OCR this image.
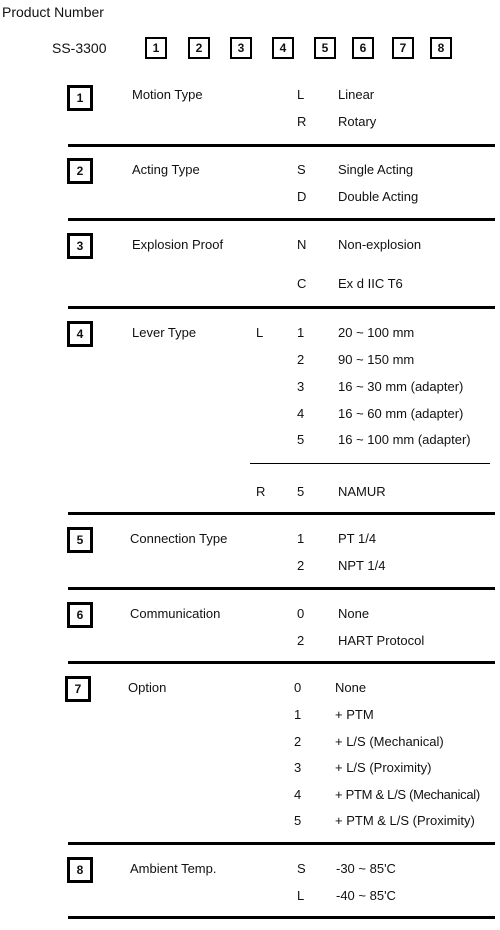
Product Number
SS-3300	1	2	3	4	5	6	7	8
1	Motion Type	L	Linear
R Rotary
2	Acting Type	S Single Acting
D Double Acting
3	Explosion Proof	N Non-explosion
C Ex d IIC T6
4	Lever Type	L	1	20 ~ 100 mm
2	90 ~ 150 mm
3	16 ~ 30 mm (adapter)
4	16 ~ 60 mm (adapter)
5	16 ~ 100 mm (adapter)
R 5	NAMUR
5	Connection Type	1	PT 1/4
2	NPT 1/4
6	Communication	0	None
2	HART Protocol
7	Option	0	None
1	+ PTM
2	+ L/S (Mechanical)
3	+ L/S (Proximity)
4	+ PTM & L/S (Mechanical)
5	+ PTM & L/S (Proximity)
8	Ambient Temp.	S -30 ~ 85'C
L -40 ~ 85'C
